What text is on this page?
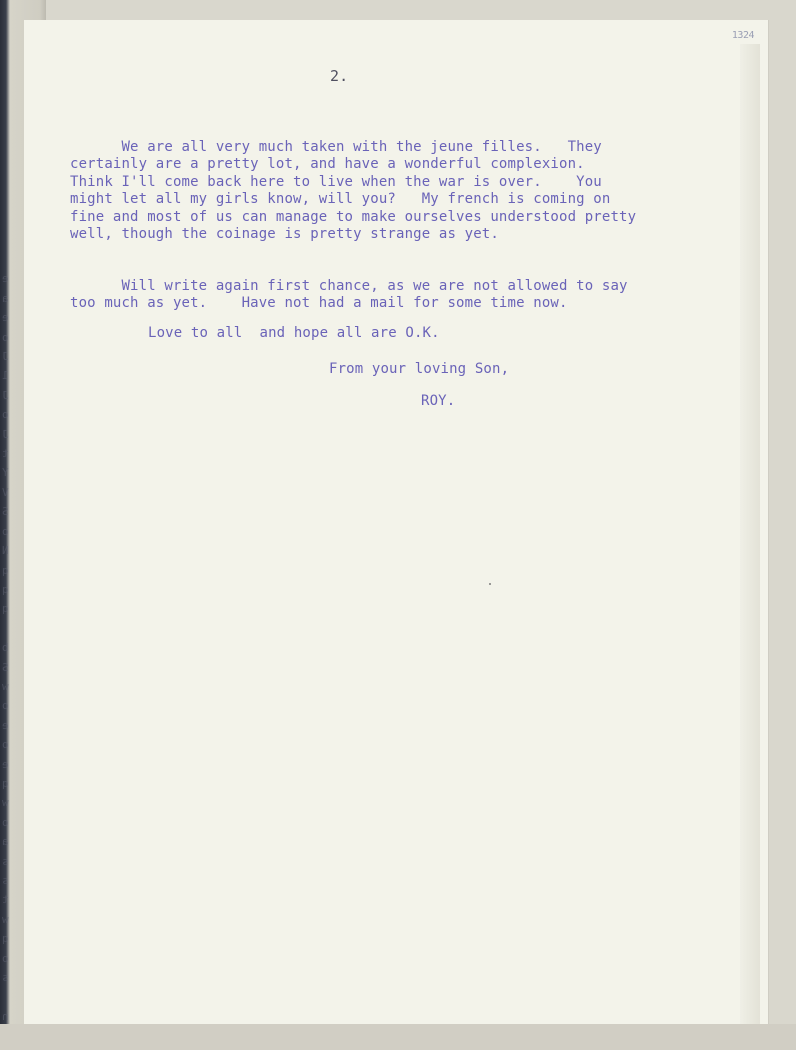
e
a
e
o
J
1
J
o
J
t
Y
V
S
o
N
q
q
q

b
S
w
o
e
o
e
q
w
o
a
s
s
t
w
q
o
s

n

1324
2.
We are all very much taken with the jeune filles.   They
certainly are a pretty lot, and have a wonderful complexion.
Think I'll come back here to live when the war is over.    You
might let all my girls know, will you?   My french is coming on
fine and most of us can manage to make ourselves understood pretty
well, though the coinage is pretty strange as yet.
Will write again first chance, as we are not allowed to say
too much as yet.    Have not had a mail for some time now.
Love to all  and hope all are O.K.
From your loving Son,
ROY.
